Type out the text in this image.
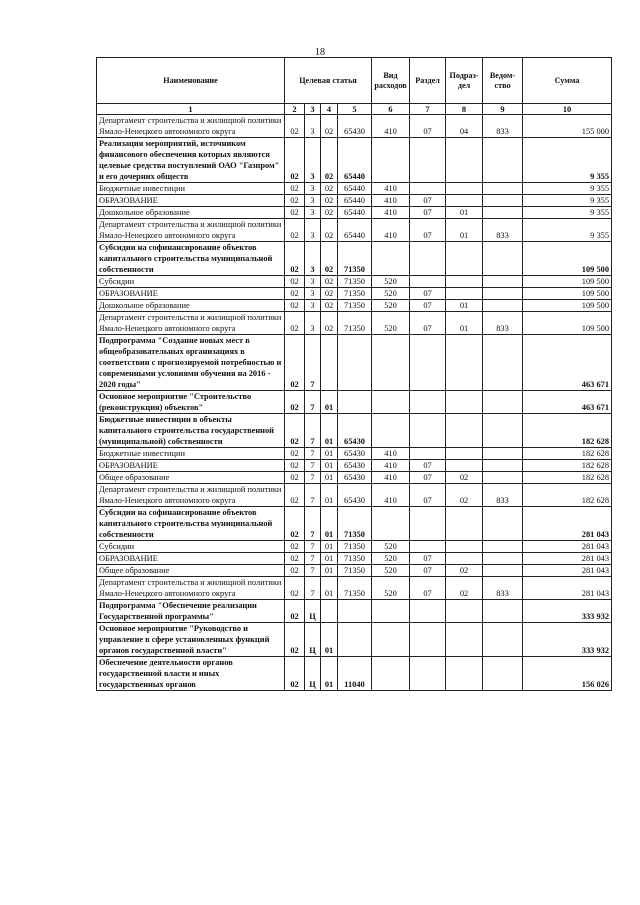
18
Наименование	Целевая статья				Вид расходов	Раздел	Подраз-дел	Ведом-ство	Сумма
1	2	3	4	5	6	7	8	9	10
Департамент строительства и жилищной политики Ямало-Ненецкого автономного округа	02	3	02	65430	410	07	04	833	155 000
Реализация мероприятий, источником финансового обеспечения которых являются целевые средства поступлений ОАО "Газпром" и его дочерних обществ	02	3	02	65440					9 355
Бюджетные инвестиции	02	3	02	65440	410				9 355
ОБРАЗОВАНИЕ	02	3	02	65440	410	07			9 355
Дошкольное образование	02	3	02	65440	410	07	01		9 355
Департамент строительства и жилищной политики Ямало-Ненецкого автономного округа	02	3	02	65440	410	07	01	833	9 355
Субсидии на софинансирование объектов капитального строительства муниципальной собственности	02	3	02	71350					109 500
Субсидии	02	3	02	71350	520				109 500
ОБРАЗОВАНИЕ	02	3	02	71350	520	07			109 500
Дошкольное образование	02	3	02	71350	520	07	01		109 500
Департамент строительства и жилищной политики Ямало-Ненецкого автономного округа	02	3	02	71350	520	07	01	833	109 500
Подпрограмма "Создание новых мест в общеобразовательных организациях в соответствии с прогнозируемой потребностью и современными условиями обучения на 2016 - 2020 годы"	02	7							463 671
Основное мероприятие "Строительство (реконструкция) объектов"	02	7	01						463 671
Бюджетные инвестиции в объекты капитального строительства государственной (муниципальной) собственности	02	7	01	65430					182 628
Бюджетные инвестиции	02	7	01	65430	410				182 628
ОБРАЗОВАНИЕ	02	7	01	65430	410	07			182 628
Общее образование	02	7	01	65430	410	07	02		182 628
Департамент строительства и жилищной политики Ямало-Ненецкого автономного округа	02	7	01	65430	410	07	02	833	182 628
Субсидии на софинансирование объектов капитального строительства муниципальной собственности	02	7	01	71350					281 043
Субсидии	02	7	01	71350	520				281 043
ОБРАЗОВАНИЕ	02	7	01	71350	520	07			281 043
Общее образование	02	7	01	71350	520	07	02		281 043
Департамент строительства и жилищной политики Ямало-Ненецкого автономного округа	02	7	01	71350	520	07	02	833	281 043
Подпрограмма "Обеспечение реализации Государственной программы"	02	Ц							333 932
Основное мероприятие "Руководство и управление в сфере установленных функций органов государственной власти"	02	Ц	01						333 932
Обеспечение деятельности органов государственной власти и иных государственных органов	02	Ц	01	11040					156 026
